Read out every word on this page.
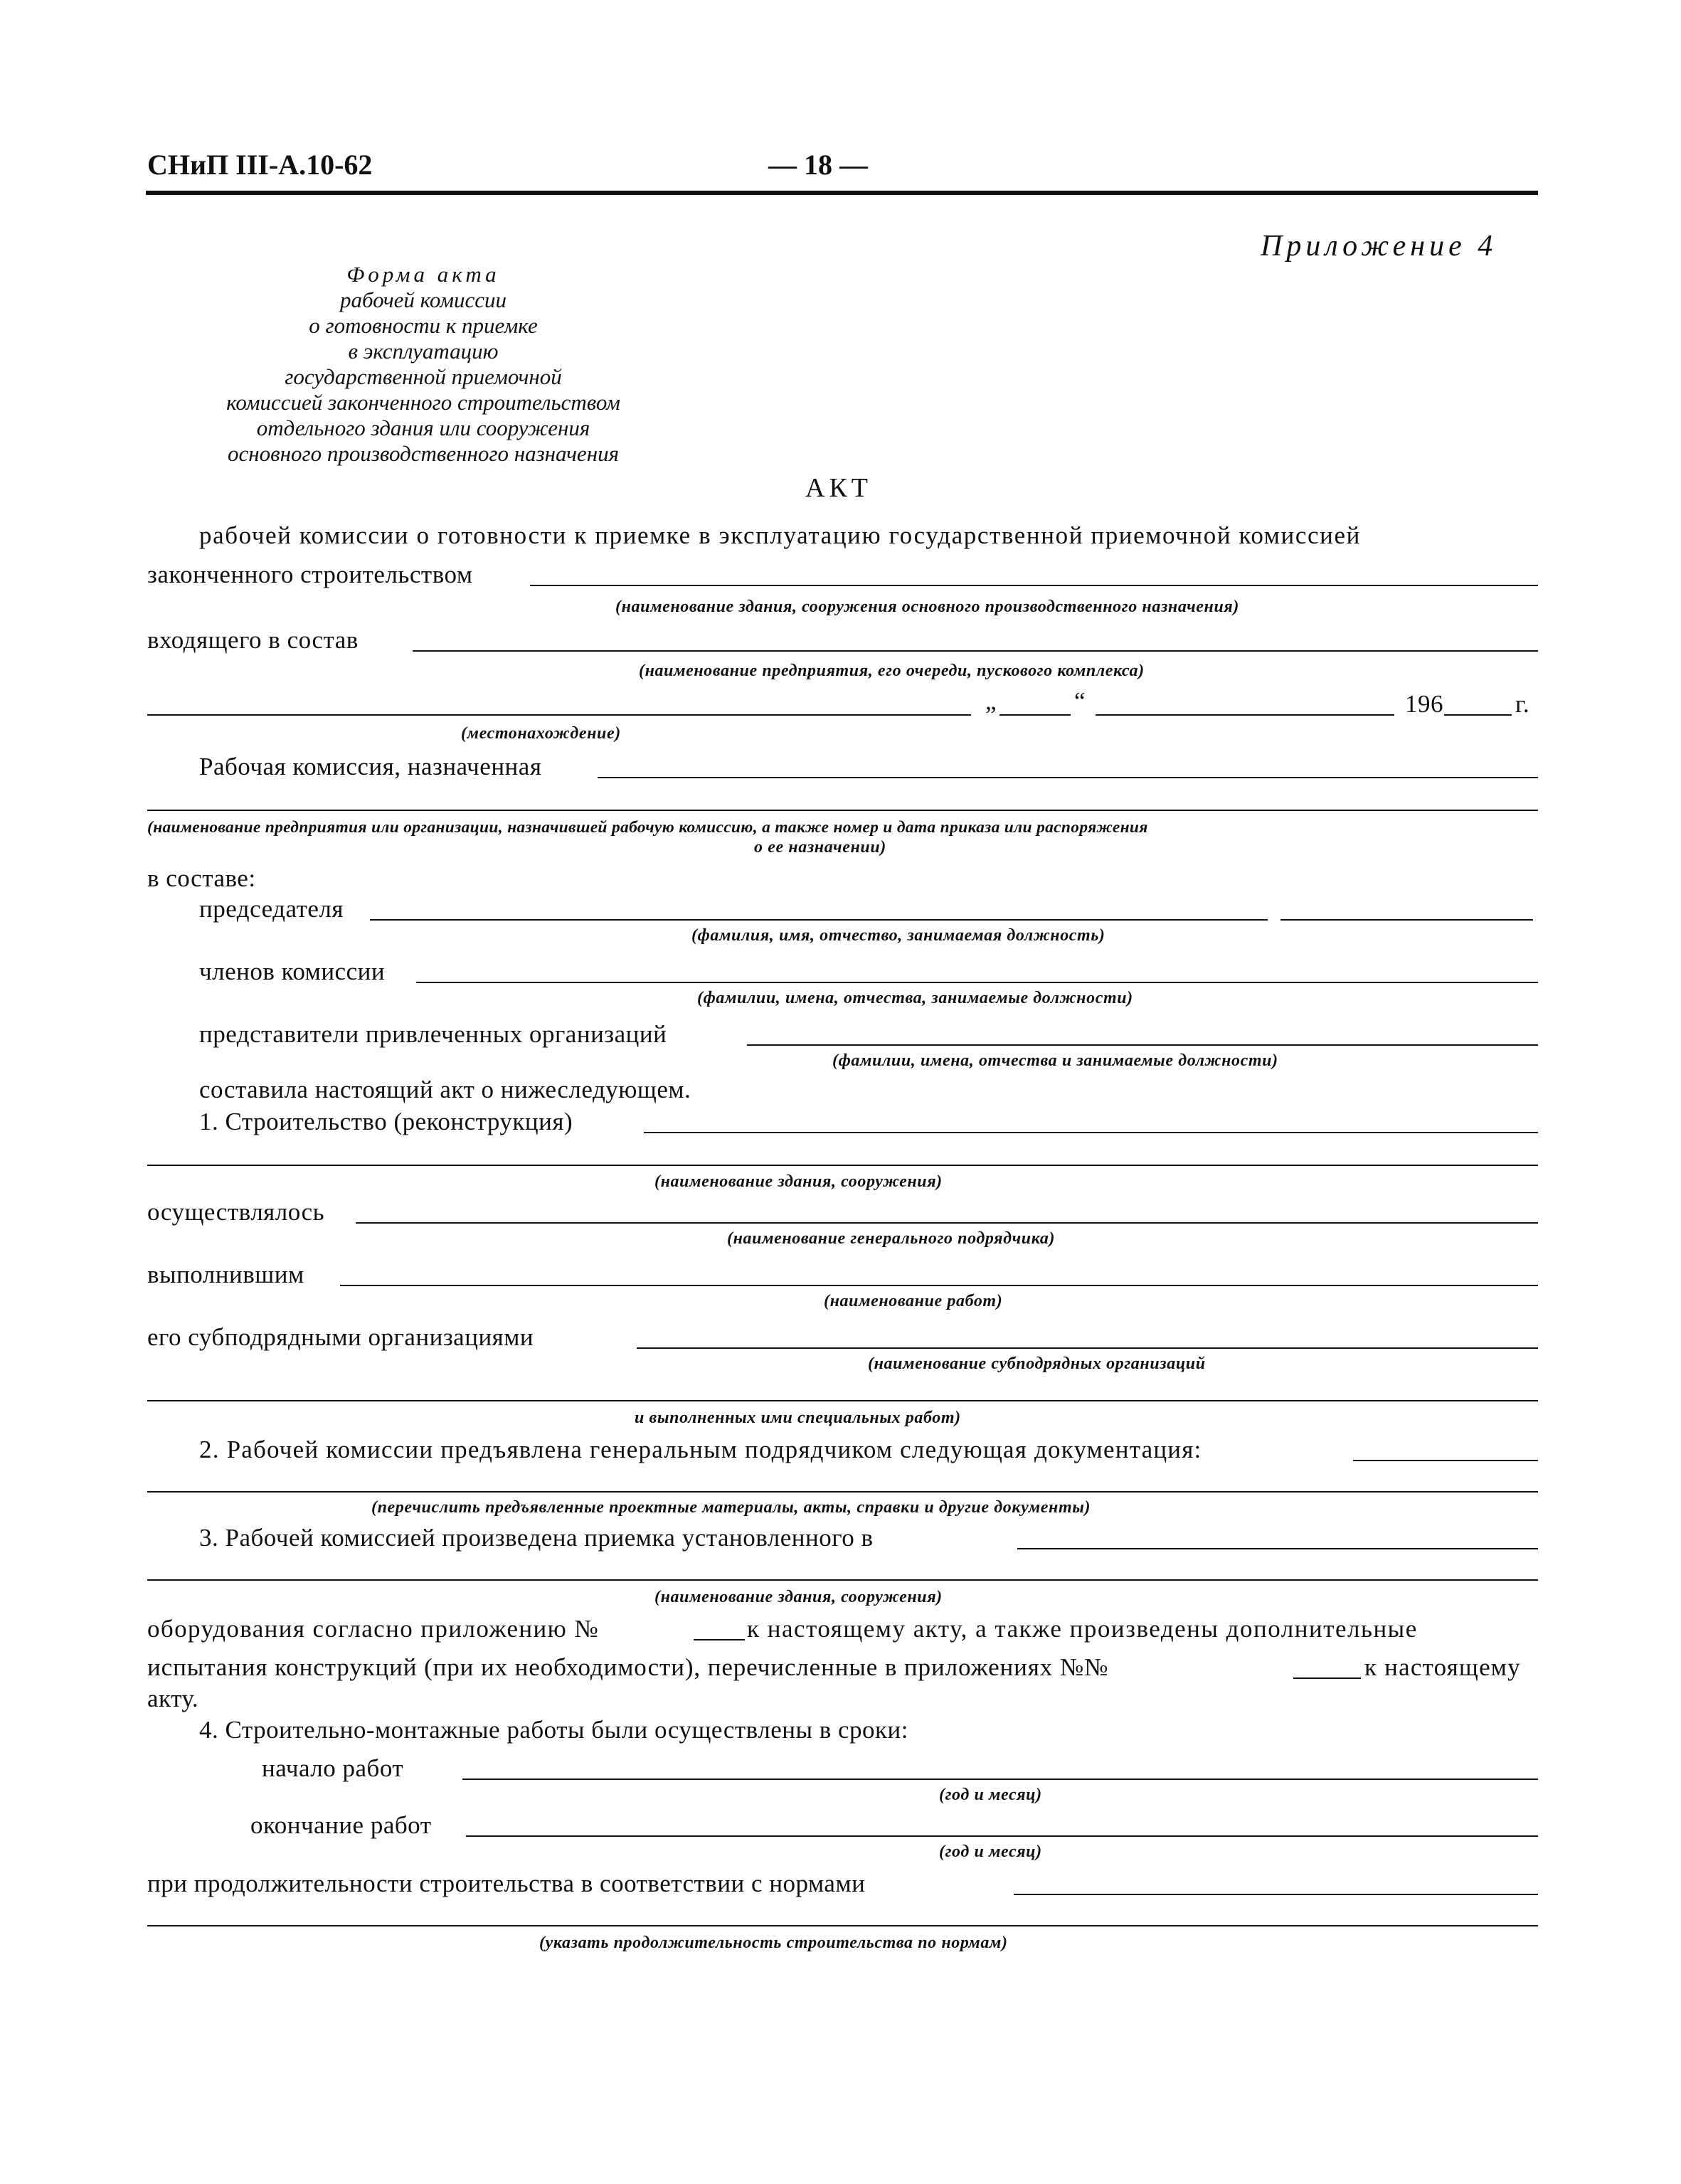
СНиП III-А.10-62	— 18 —
Приложение 4
Форма акта
рабочей комиссии
о готовности к приемке
в эксплуатацию
государственной приемочной
комиссией законченного строительством
отдельного здания или сооружения
основного производственного назначения
АКТ
рабочей комиссии о готовности к приемке в эксплуатацию государственной приемочной комиссией
законченного строительством
(наименование здания, сооружения основного производственного назначения)
входящего в состав
(наименование предприятия, его очереди, пускового комплекса)
„	“	196	г.
(местонахождение)
Рабочая комиссия, назначенная
(наименование предприятия или организации, назначившей рабочую комиссию, а также номер и дата приказа или распоряжения
о ее назначении)
в составе:
председателя
(фамилия, имя, отчество, занимаемая должность)
членов комиссии
(фамилии, имена, отчества, занимаемые должности)
представители привлеченных организаций
(фамилии, имена, отчества и занимаемые должности)
составила настоящий акт о нижеследующем.
1. Строительство (реконструкция)
(наименование здания, сооружения)
осуществлялось
(наименование генерального подрядчика)
выполнившим
(наименование работ)
его субподрядными организациями
(наименование субподрядных организаций
и выполненных ими специальных работ)
2. Рабочей комиссии предъявлена генеральным подрядчиком следующая документация:
(перечислить предъявленные проектные материалы, акты, справки и другие документы)
3. Рабочей комиссией произведена приемка установленного в
(наименование здания, сооружения)
оборудования согласно приложению №	к настоящему акту, а также произведены дополнительные
испытания конструкций (при их необходимости), перечисленные в приложениях №№	к настоящему
акту.
4. Строительно-монтажные работы были осуществлены в сроки:
начало работ
(год и месяц)
окончание работ
(год и месяц)
при продолжительности строительства в соответствии с нормами
(указать продолжительность строительства по нормам)
